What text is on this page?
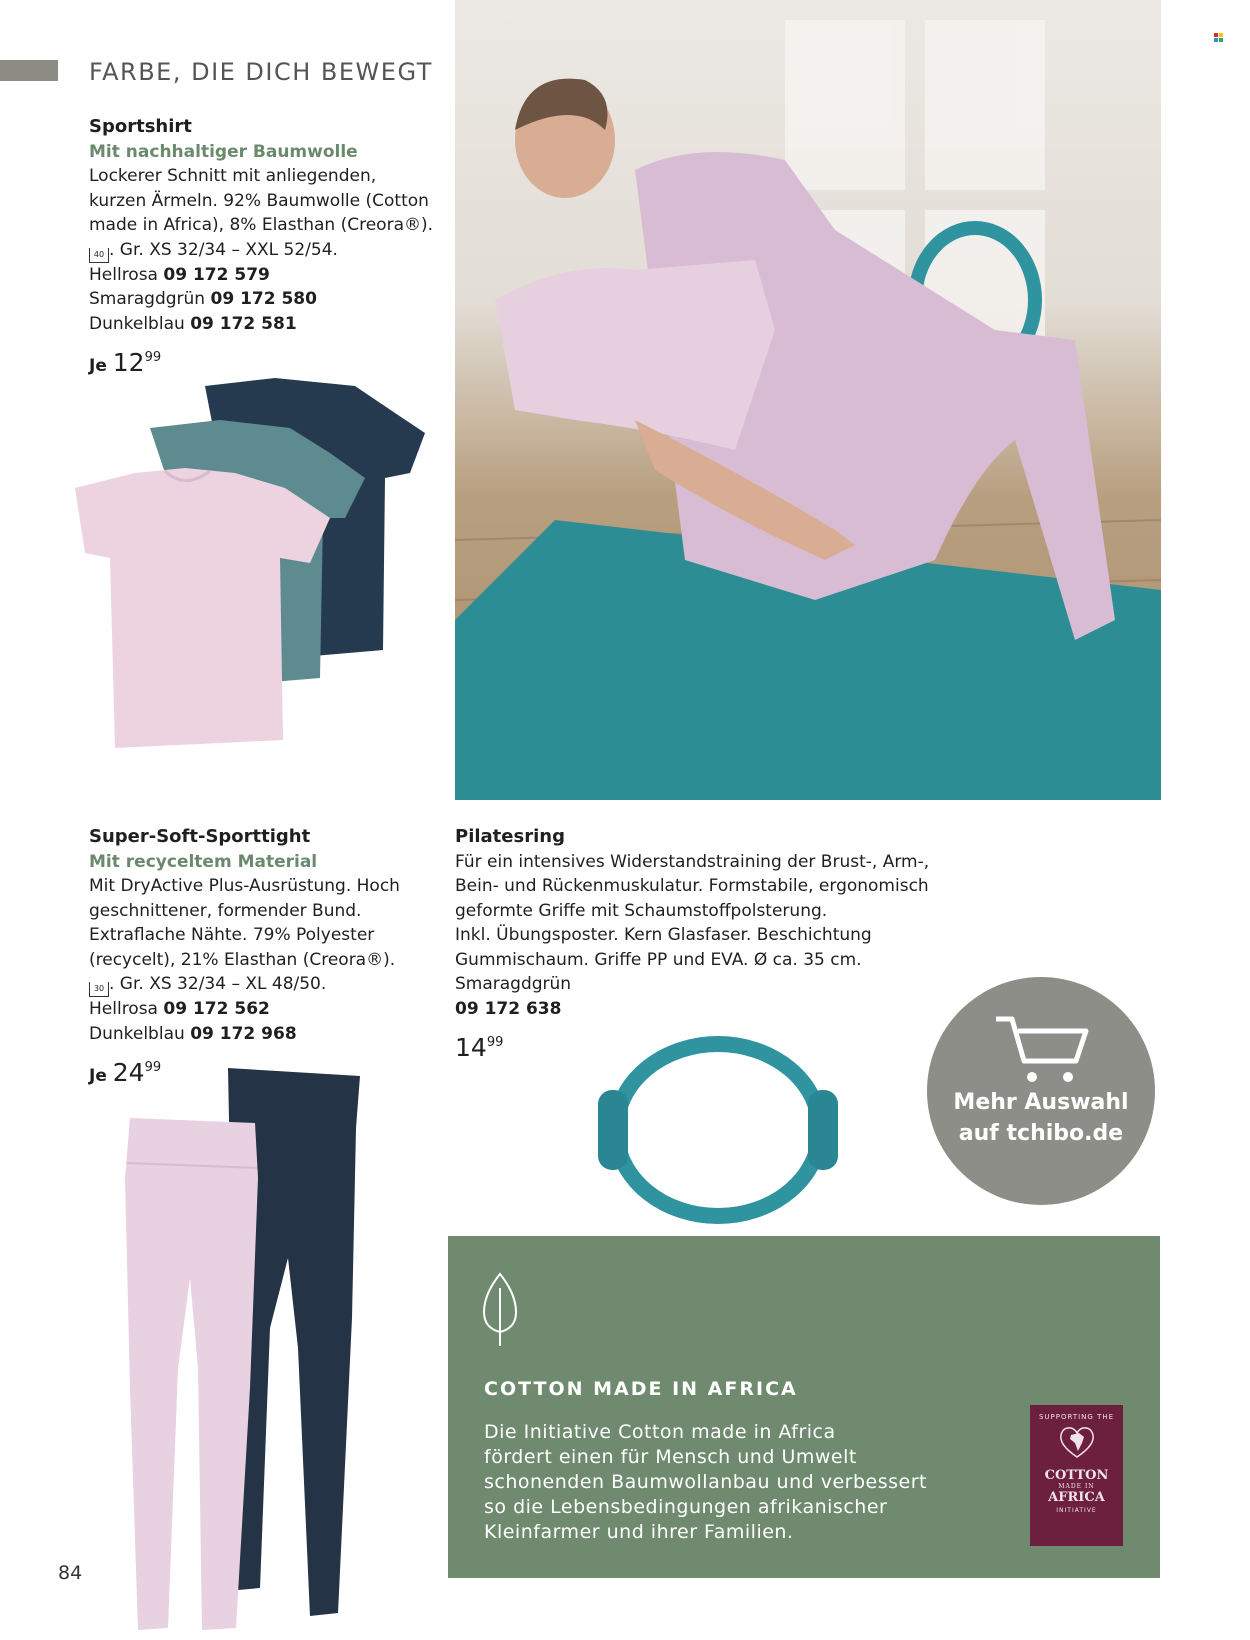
FARBE, DIE DICH BEWEGT
Sportshirt
Mit nachhaltiger Baumwolle
Lockerer Schnitt mit anliegenden,
kurzen Ärmeln. 92% Baumwolle (Cotton
made in Africa), 8% Elasthan (Creora®).
40 . Gr. XS 32/34 – XXL 52/54.
Hellrosa 09 172 579
Smaragdgrün 09 172 580
Dunkelblau 09 172 581
Je $12^{99}$
Super-Soft-Sporttight
Mit recyceltem Material
Mit DryActive Plus-Ausrüstung. Hoch
geschnittener, formender Bund.
Extraflache Nähte. 79% Polyester
(recycelt), 21% Elasthan (Creora®).
30 . Gr. XS 32/34 – XL 48/50.
Hellrosa 09 172 562
Dunkelblau 09 172 968
Je $24^{99}$
Pilatesring
Für ein intensives Widerstandstraining der Brust-, Arm-,
Bein- und Rückenmuskulatur. Formstabile, ergonomisch
geformte Griffe mit Schaumstoffpolsterung.
Inkl. Übungsposter. Kern Glasfaser. Beschichtung
Gummischaum. Griffe PP und EVA. Ø ca. 35 cm.
Smaragdgrün
09 172 638
$14^{99}$
Mehr Auswahl
auf tchibo.de
COTTON MADE IN AFRICA
Die Initiative Cotton made in Africa
fördert einen für Mensch und Umwelt
schonenden Baumwollanbau und verbessert
so die Lebensbedingungen afrikanischer
Kleinfarmer und ihrer Familien.
SUPPORTING THE
COTTON
MADE IN
AFRICA
INITIATIVE
84
